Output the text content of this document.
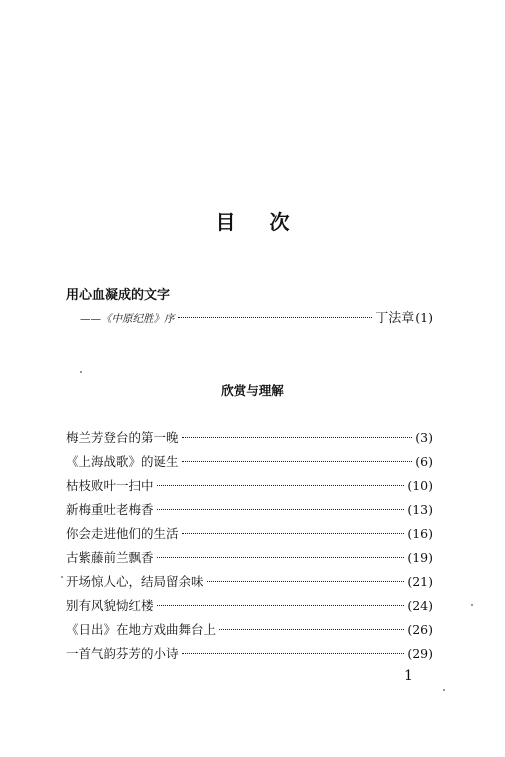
目 次
用心血凝成的文字
—— 《中原纪胜》序	丁法章 (1)
欣赏与理解
梅兰芳登台的第一晚	(3)
《上海战歌》的诞生	(6)
枯枝败叶一扫中	(10)
新梅重吐老梅香	(13)
你会走进他们的生活	(16)
古紫藤前兰飘香	(19)
开场惊人心，结局留余味	(21)
别有风貌恸红楼	(24)
《日出》在地方戏曲舞台上	(26)
一首气韵芬芳的小诗	(29)
1
